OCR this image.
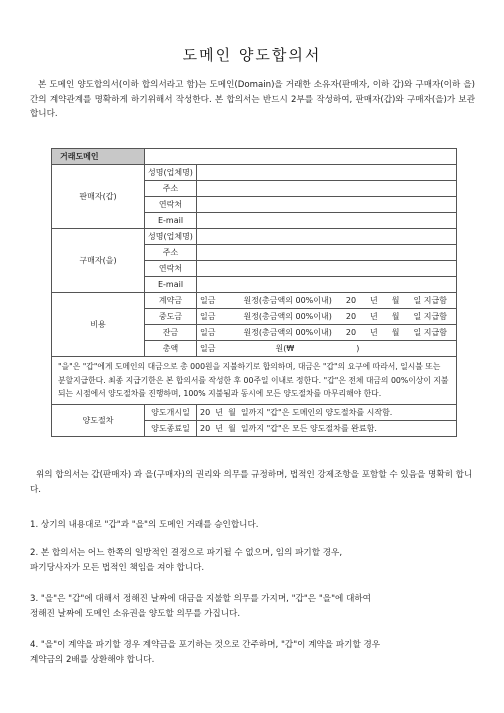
도메인 양도합의서
본 도메인 양도합의서(이하 합의서라고 함)는 도메인(Domain)을 거래한 소유자(판매자, 이하 갑)와 구매자(이하 을)간의 계약관계를 명확하게 하기위해서 작성한다. 본 합의서는 반드시 2부를 작성하여, 판매자(갑)와 구매자(을)가 보관합니다.
거래도메인		
판매자(갑)	성명(업체명)	
	주소	
	연락처	
	E-mail	
구매자(을)	성명(업체명)	
	주소	
	연락처	
	E-mail	
비용	계약금	일금 원정(총금액의 00%이내) 20 년 월 일 지급함
	중도금	일금 원정(총금액의 00%이내) 20 년 월 일 지급함
	잔금	일금 원정(총금액의 00%이내) 20 년 월 일 지급함
	총액	일금 원(₩ )
"을"은 "갑"에게 도메인의 대금으로 총 000원을 지불하기로 합의하며, 대금은 "갑"의 요구에 따라서, 일시불 또는 분할지급한다. 최종 지급기한은 본 합의서를 작성한 후 00주일 이내로 정한다. "갑"은 전체 대금의 00%이상이 지불되는 시점에서 양도절차를 진행하며, 100% 지불됨과 동시에 모든 양도절차를 마무리해야 한다.		
양도절차	양도개시일	20  년  월  일까지 "갑"은 도메인의 양도절차를 시작함.
	양도종료일	20  년  월  일까지 "갑"은 모든 양도절차를 완료함.
위의 합의서는 갑(판매자) 과 을(구매자)의 권리와 의무를 규정하며, 법적인 강제조항을 포함할 수 있음을 명확히 합니다.
1. 상기의 내용대로 "갑"과 "을"의 도메인 거래를 승인합니다.
2. 본 합의서는 어느 한쪽의 일방적인 결정으로 파기될 수 없으며, 임의 파기할 경우,
파기당사자가 모든 법적인 책임을 져야 합니다.
3. "을"은 "갑"에 대해서 정해진 날짜에 대금을 지불할 의무를 가지며, "갑"은 "을"에 대하여
정해진 날짜에 도메인 소유권을 양도할 의무를 가집니다.
4. "을"이 계약을 파기할 경우 계약금을 포기하는 것으로 간주하며, "갑"이 계약을 파기할 경우
계약금의 2배를 상환해야 합니다.
